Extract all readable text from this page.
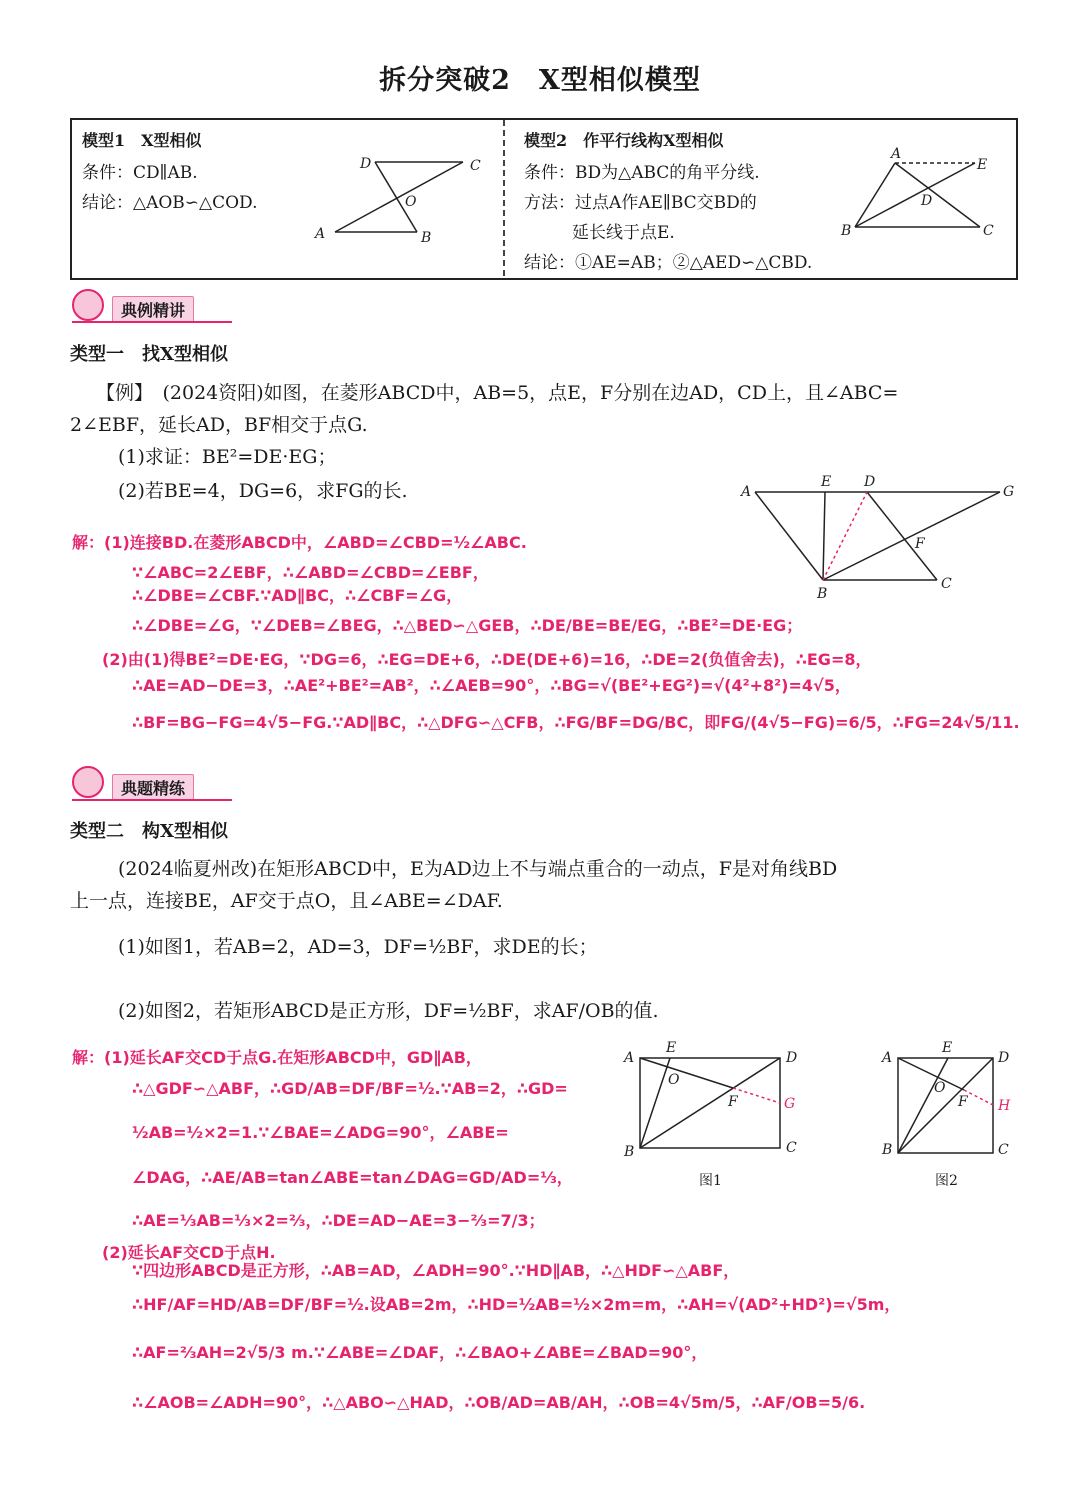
拆分突破2　X型相似模型
模型1　X型相似
条件：CD∥AB.
结论：△AOB∽△COD.
D	C
O
A	B
模型2　作平行线构X型相似
条件：BD为△ABC的角平分线.
方法：过点A作AE∥BC交BD的
延长线于点E.
结论：①AE=AB；②△AED∽△CBD.
A
E
D
B	C
典例精讲
类型一　找X型相似
【例】　(2024资阳)如图，在菱形ABCD中，AB=5，点E，F分别在边AD，CD上，且∠ABC=
2∠EBF，延长AD，BF相交于点G.
(1)求证：BE²=DE·EG；
(2)若BE=4，DG=6，求FG的长.	A
E D
G
F
B
C
解：(1)连接BD.在菱形ABCD中，∠ABD=∠CBD=½∠ABC.
∵∠ABC=2∠EBF，∴∠ABD=∠CBD=∠EBF，
∴∠DBE=∠CBF.∵AD∥BC，∴∠CBF=∠G，
∴∠DBE=∠G，∵∠DEB=∠BEG，∴△BED∽△GEB，∴DE/BE=BE/EG，∴BE²=DE·EG；
(2)由(1)得BE²=DE·EG，∵DG=6，∴EG=DE+6，∴DE(DE+6)=16，∴DE=2(负值舍去)，∴EG=8，
∴AE=AD−DE=3，∴AE²+BE²=AB²，∴∠AEB=90°，∴BG=√(BE²+EG²)=√(4²+8²)=4√5，
∴BF=BG−FG=4√5−FG.∵AD∥BC，∴△DFG∽△CFB，∴FG/BF=DG/BC，即FG/(4√5−FG)=6/5，∴FG=24√5/11.
典题精练
类型二　构X型相似
(2024临夏州改)在矩形ABCD中，E为AD边上不与端点重合的一动点，F是对角线BD
上一点，连接BE，AF交于点O，且∠ABE=∠DAF.
(1)如图1，若AB=2，AD=3，DF=½BF，求DE的长；
(2)如图2，若矩形ABCD是正方形，DF=½BF，求AF/OB的值.
A
E
D
O
F	G
B	C
图1
A
E
D
O
F H
B	C
图2
解：(1)延长AF交CD于点G.在矩形ABCD中，GD∥AB，
∴△GDF∽△ABF，∴GD/AB=DF/BF=½.∵AB=2，∴GD=
½AB=½×2=1.∵∠BAE=∠ADG=90°，∠ABE=
∠DAG，∴AE/AB=tan∠ABE=tan∠DAG=GD/AD=⅓，
∴AE=⅓AB=⅓×2=⅔，∴DE=AD−AE=3−⅔=7/3；
(2)延长AF交CD于点H.
∵四边形ABCD是正方形，∴AB=AD，∠ADH=90°.∵HD∥AB，∴△HDF∽△ABF，
∴HF/AF=HD/AB=DF/BF=½.设AB=2m，∴HD=½AB=½×2m=m，∴AH=√(AD²+HD²)=√5m，
∴AF=⅔AH=2√5/3 m.∵∠ABE=∠DAF，∴∠BAO+∠ABE=∠BAD=90°，
∴∠AOB=∠ADH=90°，∴△ABO∽△HAD，∴OB/AD=AB/AH，∴OB=4√5m/5，∴AF/OB=5/6.
